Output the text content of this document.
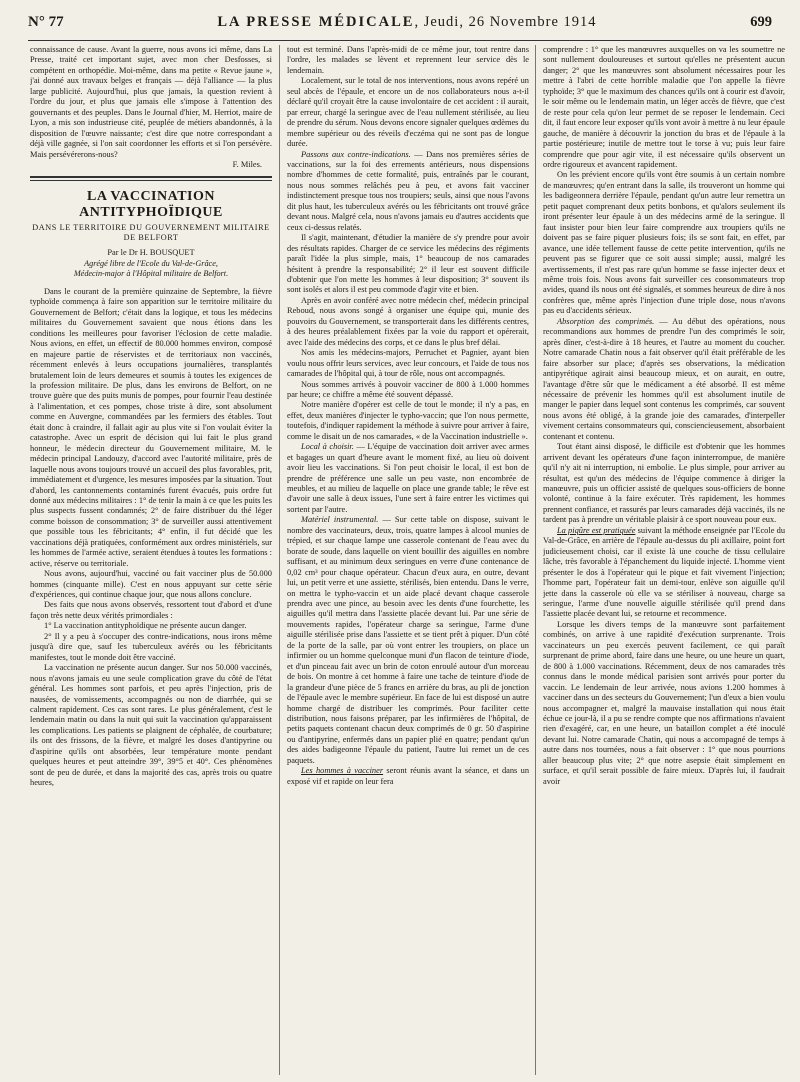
N° 77	LA PRESSE MÉDICALE, Jeudi, 26 Novembre 1914	699

connaissance de cause. Avant la guerre, nous avons ici même, dans La Presse, traité cet important sujet, avec mon cher Desfosses, si compétent en orthopédie. Moi-même, dans ma petite « Revue jaune », j'ai donné aux travaux belges et français — déjà l'alliance — la plus large publicité. Aujourd'hui, plus que jamais, la question revient à l'ordre du jour, et plus que jamais elle s'impose à l'attention des gouvernants et des peuples. Dans le Journal d'hier, M. Herriot, maire de Lyon, a mis son industrieuse cité, peuplée de métiers abandonnés, à la disposition de l'œuvre naissante; c'est dire que notre correspondant a déjà ville gagnée, si l'on sait coordonner les efforts et si l'on persévère. Mais persévérerons-nous?

F. Miles.

LA VACCINATION ANTITYPHOÏDIQUE

DANS LE TERRITOIRE DU GOUVERNEMENT MILITAIRE

DE BELFORT

Par le Dr H. BOUSQUET

Agrégé libre de l'Ecole du Val-de-Grâce,
Médecin-major à l'Hôpital militaire de Belfort.

Dans le courant de la première quinzaine de Septembre, la fièvre typhoïde commença à faire son apparition sur le territoire militaire du Gouvernement de Belfort; c'était dans la logique, et tous les médecins militaires du Gouvernement savaient que nous étions dans les conditions les meilleures pour favoriser l'éclosion de cette maladie. Nous avions, en effet, un effectif de 80.000 hommes environ, composé en majeure partie de réservistes et de territoriaux non vaccinés, récemment enlevés à leurs occupations journalières, transplantés brutalement loin de leurs demeures et soumis à toutes les exigences de la profession militaire. De plus, dans les environs de Belfort, on ne trouve guère que des puits munis de pompes, pour fournir l'eau destinée à l'alimentation, et ces pompes, chose triste à dire, sont absolument comme en Auvergne, commandées par les fermiers des étables. Tout était donc à craindre, il fallait agir au plus vite si l'on voulait éviter la catastrophe. Avec un esprit de décision qui lui fait le plus grand honneur, le médecin directeur du Gouvernement militaire, M. le médecin principal Landouzy, d'accord avec l'autorité militaire, près de laquelle nous avons toujours trouvé un accueil des plus favorables, prit, immédiatement et d'urgence, les mesures imposées par la situation. Tout d'abord, les cantonnements contaminés furent évacués, puis ordre fut donné aux médecins militaires : 1° de tenir la main à ce que les puits les plus suspects fussent condamnés; 2° de faire distribuer du thé léger comme boisson de consommation; 3° de surveiller aussi attentivement que possible tous les fébricitants; 4° enfin, il fut décidé que les vaccinations déjà pratiquées, conformément aux ordres ministériels, sur les hommes de l'armée active, seraient étendues à toutes les formations : active, réserve ou territoriale.

Nous avons, aujourd'hui, vacciné ou fait vacciner plus de 50.000 hommes (cinquante mille). C'est en nous appuyant sur cette série d'expériences, qui continue chaque jour, que nous allons conclure.

Des faits que nous avons observés, ressortent tout d'abord et d'une façon très nette deux vérités primordiales :

1° La vaccination antityphoïdique ne présente aucun danger.

2° Il y a peu à s'occuper des contre-indications, nous irons même jusqu'à dire que, sauf les tuberculeux avérés ou les fébricitants manifestes, tout le monde doit être vacciné.

La vaccination ne présente aucun danger. Sur nos 50.000 vaccinés, nous n'avons jamais eu une seule complication grave du côté de l'état général. Les hommes sont parfois, et peu après l'injection, pris de nausées, de vomissements, accompagnés ou non de diarrhée, qui se calment rapidement. Ces cas sont rares. Le plus généralement, c'est le lendemain matin ou dans la nuit qui suit la vaccination qu'apparaissent les complications. Les patients se plaignent de céphalée, de courbature; ils ont des frissons, de la fièvre, et malgré les doses d'antipyrine ou d'aspirine qu'ils ont absorbées, leur température monte pendant quelques heures et peut atteindre 39°, 39°5 et 40°. Ces phénomènes sont de peu de durée, et dans la majorité des cas, après trois ou quatre heures,

tout est terminé. Dans l'après-midi de ce même jour, tout rentre dans l'ordre, les malades se lèvent et reprennent leur service dès le lendemain.

Localement, sur le total de nos interventions, nous avons repéré un seul abcès de l'épaule, et encore un de nos collaborateurs nous a-t-il déclaré qu'il croyait être la cause involontaire de cet accident : il aurait, par erreur, chargé la seringue avec de l'eau nullement stérilisée, au lieu de prendre du sérum. Nous devons encore signaler quelques œdèmes du membre supérieur ou des réveils d'eczéma qui ne sont pas de longue durée.

Passons aux contre-indications. — Dans nos premières séries de vaccinations, sur la foi des errements antérieurs, nous dispensions nombre d'hommes de cette formalité, puis, entraînés par le courant, nous nous sommes relâchés peu à peu, et avons fait vacciner indistinctement presque tous nos troupiers; seuls, ainsi que nous l'avons dit plus haut, les tuberculeux avérés ou les fébricitants ont trouvé grâce devant nous. Malgré cela, nous n'avons jamais eu d'autres accidents que ceux ci-dessus relatés.

Il s'agit, maintenant, d'étudier la manière de s'y prendre pour avoir des résultats rapides. Charger de ce service les médecins des régiments paraît l'idée la plus simple, mais, 1° beaucoup de nos camarades hésitent à prendre la responsabilité; 2° il leur est souvent difficile d'obtenir que l'on mette les hommes à leur disposition; 3° souvent ils sont isolés et alors il est peu commode d'agir vite et bien.

Après en avoir conféré avec notre médecin chef, médecin principal Reboud, nous avons songé à organiser une équipe qui, munie des pouvoirs du Gouvernement, se transporterait dans les différents centres, à des heures préalablement fixées par la voie du rapport et opérerait, avec l'aide des médecins des corps, et ce dans le plus bref délai.

Nos amis les médecins-majors, Perruchet et Pagnier, ayant bien voulu nous offrir leurs services, avec leur concours, et l'aide de tous nos camarades de l'hôpital qui, à tour de rôle, nous ont accompagnés.

Nous sommes arrivés à pouvoir vacciner de 800 à 1.000 hommes par heure; ce chiffre a même été souvent dépassé.

Notre manière d'opérer est celle de tout le monde; il n'y a pas, en effet, deux manières d'injecter le typho-vaccin; que l'on nous permette, toutefois, d'indiquer rapidement la méthode à suivre pour arriver à faire, comme le disait un de nos camarades, « de la Vaccination industrielle ».

Local à choisir. — L'équipe de vaccination doit arriver avec armes et bagages un quart d'heure avant le moment fixé, au lieu où doivent avoir lieu les vaccinations. Si l'on peut choisir le local, il est bon de prendre de préférence une salle un peu vaste, non encombrée de meubles, et au milieu de laquelle on place une grande table; le rêve est d'avoir une salle à deux issues, l'une sert à faire entrer les victimes qui sortent par l'autre.

Matériel instrumental. — Sur cette table on dispose, suivant le nombre des vaccinateurs, deux, trois, quatre lampes à alcool munies de trépied, et sur chaque lampe une casserole contenant de l'eau avec du borate de soude, dans laquelle on vient bouillir des aiguilles en nombre suffisant, et au minimum deux seringues en verre d'une contenance de 0,02 cm³ pour chaque opérateur. Chacun d'eux aura, en outre, devant lui, un petit verre et une assiette, stérilisés, bien entendu. Dans le verre, on mettra le typho-vaccin et un aide placé devant chaque casserole prendra avec une pince, au besoin avec les dents d'une fourchette, les aiguilles qu'il mettra dans l'assiette placée devant lui. Par une série de mouvements rapides, l'opérateur charge sa seringue, l'arme d'une aiguille stérilisée prise dans l'assiette et se tient prêt à piquer. D'un côté de la porte de la salle, par où vont entrer les troupiers, on place un infirmier ou un homme quelconque muni d'un flacon de teinture d'iode, et d'un pinceau fait avec un brin de coton enroulé autour d'un morceau de bois. On montre à cet homme à faire une tache de teinture d'iode de la grandeur d'une pièce de 5 francs en arrière du bras, au pli de jonction de l'épaule avec le membre supérieur. En face de lui est disposé un autre homme chargé de distribuer les comprimés. Pour faciliter cette distribution, nous faisons préparer, par les infirmières de l'hôpital, de petits paquets contenant chacun deux comprimés de 0 gr. 50 d'aspirine ou d'antipyrine, enfermés dans un papier plié en quatre; pendant qu'un des aides badigeonne l'épaule du patient, l'autre lui remet un de ces paquets.

Les hommes à vacciner seront réunis avant la séance, et dans un exposé vif et rapide on leur fera

comprendre : 1° que les manœuvres auxquelles on va les soumettre ne sont nullement douloureuses et surtout qu'elles ne présentent aucun danger; 2° que les manœuvres sont absolument nécessaires pour les mettre à l'abri de cette horrible maladie que l'on appelle la fièvre typhoïde; 3° que le maximum des chances qu'ils ont à courir est d'avoir, le soir même ou le lendemain matin, un léger accès de fièvre, que c'est de reste pour cela qu'on leur permet de se reposer le lendemain. Ceci dit, il faut encore leur exposer qu'ils vont avoir à mettre à nu leur épaule gauche, de manière à découvrir la jonction du bras et de l'épaule à la partie postérieure; inutile de mettre tout le torse à vu; puis leur faire comprendre que pour agir vite, il est nécessaire qu'ils observent un ordre rigoureux et avancent rapidement.

On les prévient encore qu'ils vont être soumis à un certain nombre de manœuvres; qu'en entrant dans la salle, ils trouveront un homme qui les badigeonnera derrière l'épaule, pendant qu'un autre leur remettra un petit paquet comprenant deux petits bonbons, et qu'alors seulement ils iront présenter leur épaule à un des médecins armé de la seringue. Il faut insister pour bien leur faire comprendre aux troupiers qu'ils ne doivent pas se faire piquer plusieurs fois; ils se sont fait, en effet, par avance, une idée tellement fausse de cette petite intervention, qu'ils ne peuvent pas se figurer que ce soit aussi simple; aussi, malgré les avertissements, il n'est pas rare qu'un homme se fasse injecter deux et même trois fois. Nous avons fait surveiller ces consommateurs trop avides, quand ils nous ont été signalés, et sommes heureux de dire à nos confrères que, même après l'injection d'une triple dose, nous n'avons pas eu d'accidents sérieux.

Absorption des comprimés. — Au début des opérations, nous recommandions aux hommes de prendre l'un des comprimés le soir, après dîner, c'est-à-dire à 18 heures, et l'autre au moment du coucher. Notre camarade Chatin nous a fait observer qu'il était préférable de les faire absorber sur place; d'après ses observations, la médication antipyrétique agirait ainsi beaucoup mieux, et on aurait, en outre, l'avantage d'être sûr que le médicament a été absorbé. Il est même nécessaire de prévenir les hommes qu'il est absolument inutile de manger le papier dans lequel sont contenus les comprimés, car souvent nous avons été obligé, à la grande joie des camarades, d'interpeller vivement certains consommateurs qui, consciencieusement, absorbaient contenant et contenu.

Tout étant ainsi disposé, le difficile est d'obtenir que les hommes arrivent devant les opérateurs d'une façon ininterrompue, de manière qu'il n'y ait ni interruption, ni embolie. Le plus simple, pour arriver au résultat, est qu'un des médecins de l'équipe commence à diriger la manœuvre, puis un officier assisté de quelques sous-officiers de bonne volonté, continue à la faire exécuter. Très rapidement, les hommes prennent confiance, et rassurés par leurs camarades déjà vaccinés, ils ne tardent pas à prendre un véritable plaisir à ce sport nouveau pour eux.

La piqûre est pratiquée suivant la méthode enseignée par l'Ecole du Val-de-Grâce, en arrière de l'épaule au-dessus du pli axillaire, point fort judicieusement choisi, car il existe là une couche de tissu cellulaire lâche, très favorable à l'épanchement du liquide injecté. L'homme vient présenter le dos à l'opérateur qui le pique et fait vivement l'injection; l'homme part, l'opérateur fait un demi-tour, enlève son aiguille qu'il jette dans la casserole où elle va se stériliser à nouveau, charge sa seringue, l'arme d'une nouvelle aiguille stérilisée qu'il prend dans l'assiette placée devant lui, se retourne et recommence.

Lorsque les divers temps de la manœuvre sont parfaitement combinés, on arrive à une rapidité d'exécution surprenante. Trois vaccinateurs un peu exercés peuvent facilement, ce qui paraît surprenant de prime abord, faire dans une heure, ou une heure un quart, de 800 à 1.000 vaccinations. Récemment, deux de nos camarades très connus dans le monde médical parisien sont arrivés pour porter du vaccin. Le lendemain de leur arrivée, nous avions 1.200 hommes à vacciner dans un des secteurs du Gouvernement; l'un d'eux a bien voulu nous accompagner et, malgré la mauvaise installation qui nous était échue ce jour-là, il a pu se rendre compte que nos affirmations n'avaient rien d'exagéré, car, en une heure, un bataillon complet a été inoculé devant lui. Notre camarade Chatin, qui nous a accompagné de temps à autre dans nos tournées, nous a fait observer : 1° que nous pourrions aller beaucoup plus vite; 2° que notre asepsie était simplement en surface, et qu'il serait possible de faire mieux. D'après lui, il faudrait avoir
